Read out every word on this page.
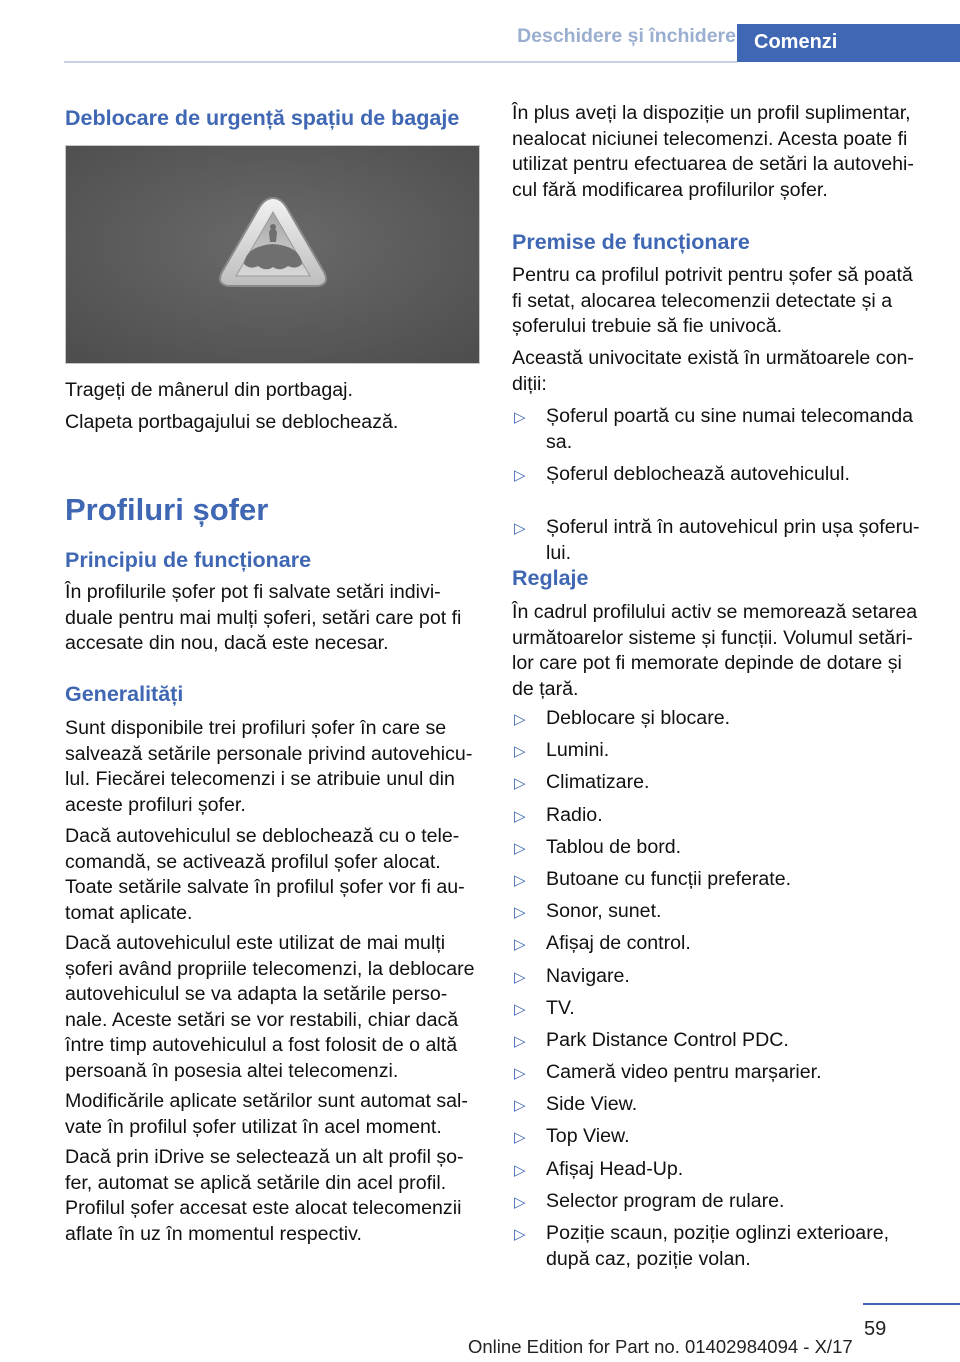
Deschidere și închidere Comenzi
Deblocare de urgență spațiu de bagaje
Trageți de mânerul din portbagaj.
Clapeta portbagajului se deblochează.
Profiluri șofer
Principiu de funcționare
În profilurile șofer pot fi salvate setări indivi‐
duale pentru mai mulți șoferi, setări care pot fi
accesate din nou, dacă este necesar.
Generalități
Sunt disponibile trei profiluri șofer în care se
salvează setările personale privind autovehicu‐
lul. Fiecărei telecomenzi i se atribuie unul din
aceste profiluri șofer.
Dacă autovehiculul se deblochează cu o tele‐
comandă, se activează profilul șofer alocat.
Toate setările salvate în profilul șofer vor fi au‐
tomat aplicate.
Dacă autovehiculul este utilizat de mai mulți
șoferi având propriile telecomenzi, la deblocare
autovehiculul se va adapta la setările perso‐
nale. Aceste setări se vor restabili, chiar dacă
între timp autovehiculul a fost folosit de o altă
persoană în posesia altei telecomenzi.
Modificările aplicate setărilor sunt automat sal‐
vate în profilul șofer utilizat în acel moment.
Dacă prin iDrive se selectează un alt profil șo‐
fer, automat se aplică setările din acel profil.
Profilul șofer accesat este alocat telecomenzii
aflate în uz în momentul respectiv.
În plus aveți la dispoziție un profil suplimentar,
nealocat niciunei telecomenzi. Acesta poate fi
utilizat pentru efectuarea de setări la autovehi‐
cul fără modificarea profilurilor șofer.
Premise de funcționare
Pentru ca profilul potrivit pentru șofer să poată
fi setat, alocarea telecomenzii detectate și a
șoferului trebuie să fie univocă.
Această univocitate există în următoarele con‐
diții:
▷ Șoferul poartă cu sine numai telecomanda
sa.
▷ Șoferul deblochează autovehiculul.
▷ Șoferul intră în autovehicul prin ușa șoferu‐
lui.
Reglaje
În cadrul profilului activ se memorează setarea
următoarelor sisteme și funcții. Volumul setări‐
lor care pot fi memorate depinde de dotare și
de țară.
▷ Deblocare și blocare.
▷ Lumini.
▷ Climatizare.
▷ Radio.
▷ Tablou de bord.
▷ Butoane cu funcții preferate.
▷ Sonor, sunet.
▷ Afișaj de control.
▷ Navigare.
▷ TV.
▷ Park Distance Control PDC.
▷ Cameră video pentru marșarier.
▷ Side View.
▷ Top View.
▷ Afișaj Head-Up.
▷ Selector program de rulare.
▷ Poziție scaun, poziție oglinzi exterioare,
după caz, poziție volan.
59
Online Edition for Part no. 01402984094 - X/17
